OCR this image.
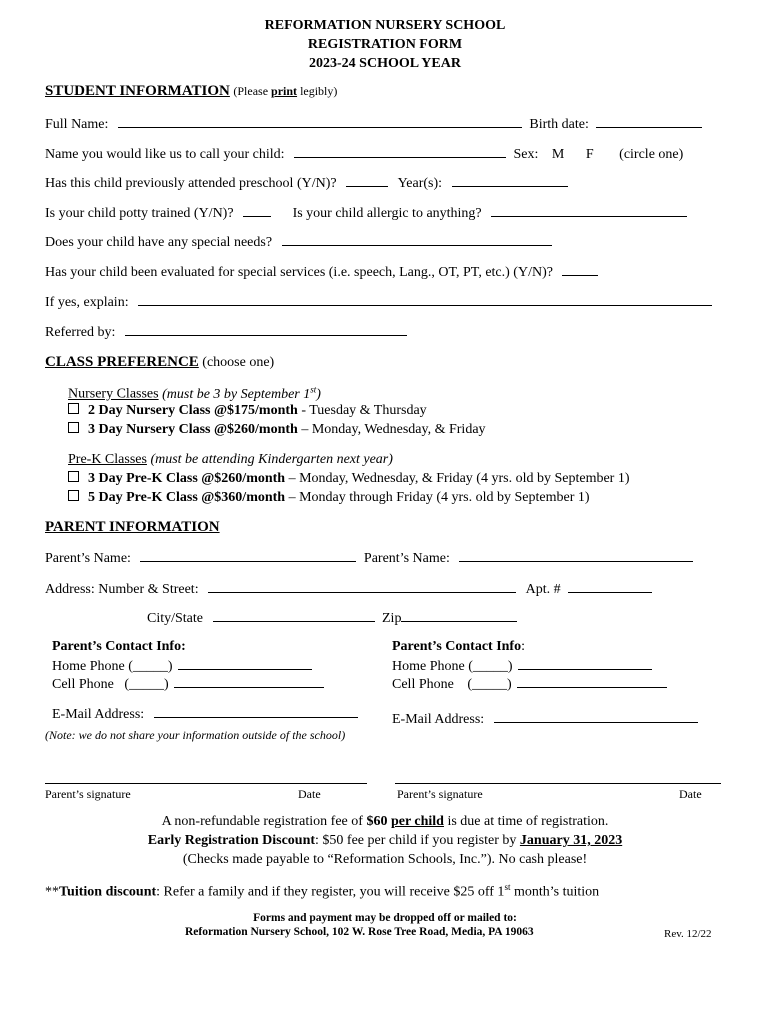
REFORMATION NURSERY SCHOOL
REGISTRATION FORM
2023-24 SCHOOL YEAR
STUDENT INFORMATION (Please print legibly)
Full Name:	Birth date:
Name you would like us to call your child:	Sex: M F (circle one)
Has this child previously attended preschool (Y/N)?	Year(s):
Is your child potty trained (Y/N)?	Is your child allergic to anything?
Does your child have any special needs?
Has your child been evaluated for special services (i.e. speech, Lang., OT, PT, etc.) (Y/N)?
If yes, explain:
Referred by:
CLASS PREFERENCE (choose one)
Nursery Classes (must be 3 by September 1st)
2 Day Nursery Class @$175/month - Tuesday & Thursday
3 Day Nursery Class @$260/month – Monday, Wednesday, & Friday
Pre-K Classes (must be attending Kindergarten next year)
3 Day Pre-K Class @$260/month – Monday, Wednesday, & Friday (4 yrs. old by September 1)
5 Day Pre-K Class @$360/month – Monday through Friday (4 yrs. old by September 1)
PARENT INFORMATION
Parent’s Name:	Parent’s Name:
Address: Number & Street:	Apt. #
City/State	Zip
Parent’s Contact Info:
Home Phone (_____)
Cell Phone (_____)
E-Mail Address:
(Note: we do not share your information outside of the school)
Parent’s Contact Info:
Home Phone (_____)
Cell Phone (_____)
E-Mail Address:
Parent’s signature	Date	Parent’s signature	Date
A non-refundable registration fee of $60 per child is due at time of registration.
Early Registration Discount: $50 fee per child if you register by January 31, 2023
(Checks made payable to “Reformation Schools, Inc.”). No cash please!
**Tuition discount: Refer a family and if they register, you will receive $25 off 1st month’s tuition
Forms and payment may be dropped off or mailed to:
Reformation Nursery School, 102 W. Rose Tree Road, Media, PA 19063	Rev. 12/22
